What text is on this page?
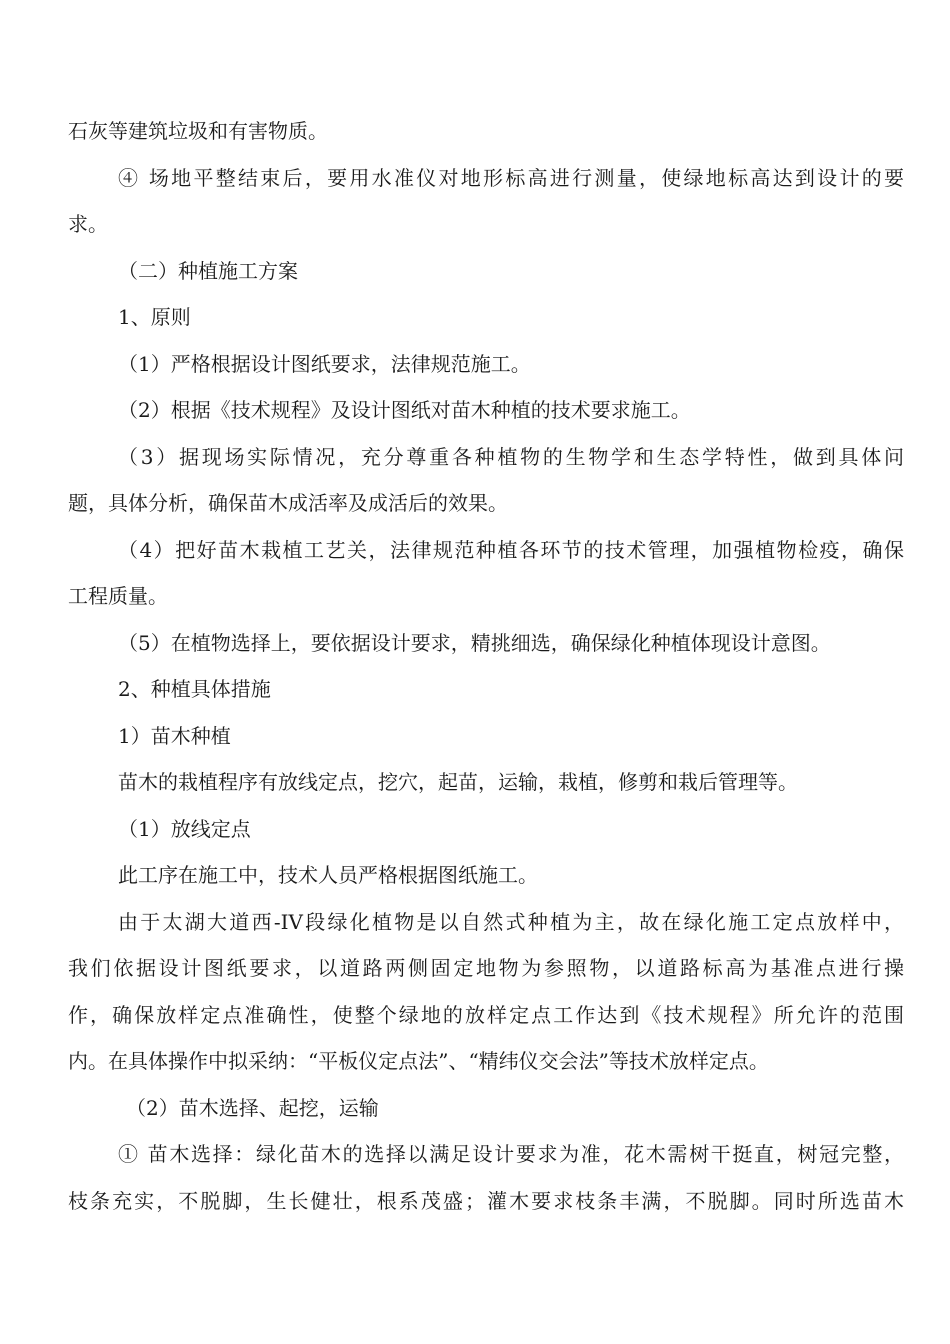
石灰等建筑垃圾和有害物质。
④ 场地平整结束后，要用水准仪对地形标高进行测量，使绿地标高达到设计的要
求。
（二）种植施工方案
1、原则
（1）严格根据设计图纸要求，法律规范施工。
（2）根据《技术规程》及设计图纸对苗木种植的技术要求施工。
（3）据现场实际情况，充分尊重各种植物的生物学和生态学特性，做到具体问
题，具体分析，确保苗木成活率及成活后的效果。
（4）把好苗木栽植工艺关，法律规范种植各环节的技术管理，加强植物检疫，确保
工程质量。
（5）在植物选择上，要依据设计要求，精挑细选，确保绿化种植体现设计意图。
2、种植具体措施
1）苗木种植
苗木的栽植程序有放线定点，挖穴，起苗，运输，栽植，修剪和栽后管理等。
（1）放线定点
此工序在施工中，技术人员严格根据图纸施工。
由于太湖大道西-IV段绿化植物是以自然式种植为主，故在绿化施工定点放样中，
我们依据设计图纸要求，以道路两侧固定地物为参照物，以道路标高为基准点进行操
作，确保放样定点准确性，使整个绿地的放样定点工作达到《技术规程》所允许的范围
内。在具体操作中拟采纳：“平板仪定点法”、“精纬仪交会法”等技术放样定点。
（2）苗木选择、起挖，运输
① 苗木选择：绿化苗木的选择以满足设计要求为准，花木需树干挺直，树冠完整，
枝条充实，不脱脚，生长健壮，根系茂盛；灌木要求枝条丰满，不脱脚。同时所选苗木
